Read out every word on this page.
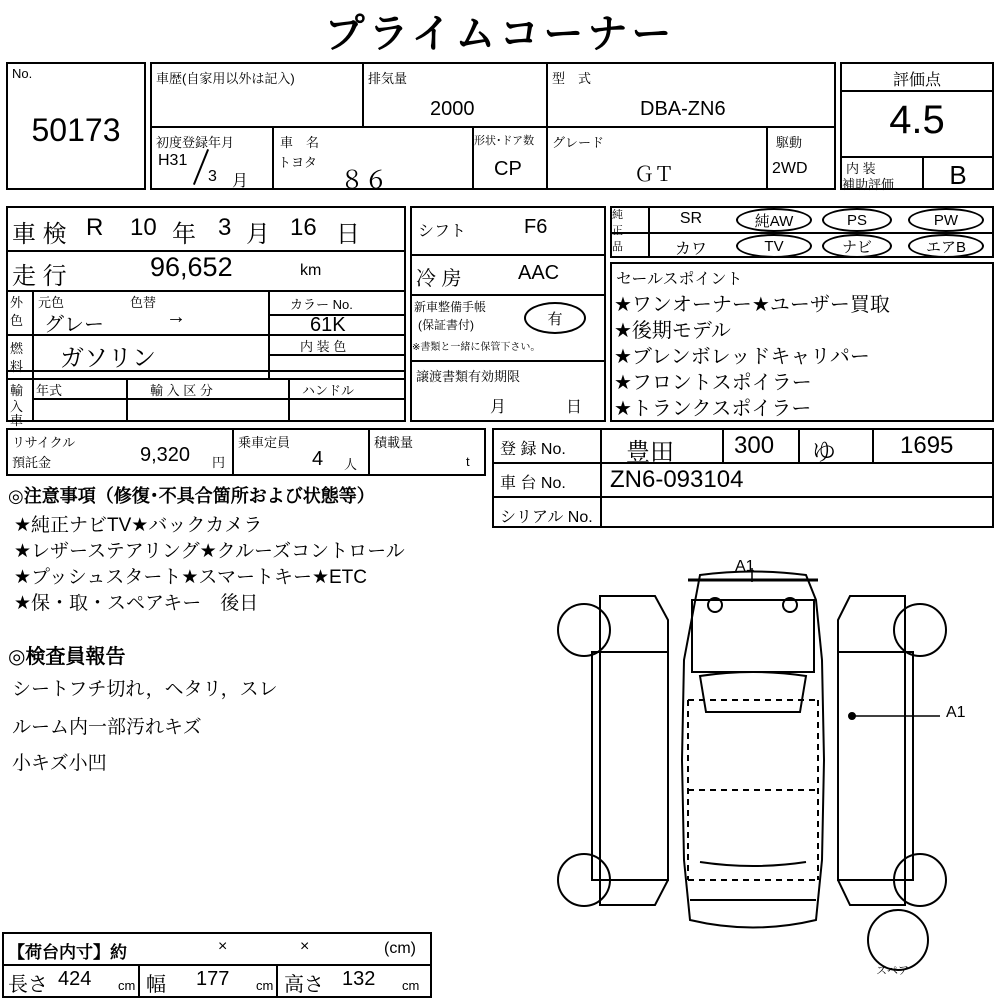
プライムコーナー
No.
50173
車歴(自家用以外は記入)	排気量
2000
型　式
DBA-ZN6
初度登録年月
H31
3 月
車　名
トヨタ
８６
形状･ドア数
CP
グレード
ＧＴ
駆動
2WD
評価点
4.5
内 装
補助評価	B
車 検 R 10 年 3 月 16 日
走 行	96,652	km
外
色
元色	色替
グレー	→
カラー No.
61K
燃
料 ガソリン	内 装 色
輸
入
車
年式	輸 入 区 分	ハンドル
リサイクル
預託金	9,320 円
乗車定員
4 人
積載量
t
シフト	F6
冷 房	AAC
新車整備手帳
(保証書付)
※書類と一緒に保管下さい。
有
譲渡書類有効期限
月	日
純
正
品
SR	純AW	PS	PW
カワ	TV	ナビ	エアB
セールスポイント
★ワンオーナー★ユーザー買取
★後期モデル
★ブレンボレッドキャリパー
★フロントスポイラー
★トランクスポイラー
登 録 No.	豊田	300 ゆ	1695
車 台 No. ZN6-093104
シリアル No.
◎注意事項（修復･不具合箇所および状態等）
★純正ナビTV★バックカメラ
★レザーステアリング★クルーズコントロール
★プッシュスタート★スマートキー★ETC
★保・取・スペアキー　後日
◎検査員報告
シートフチ切れ，ヘタリ，スレ
ルーム内一部汚れキズ
小キズ小凹
A1
A1
スペア
【荷台内寸】約	×	×	(cm)
長さ 424 cm 幅 177 cm 高さ 132 cm
